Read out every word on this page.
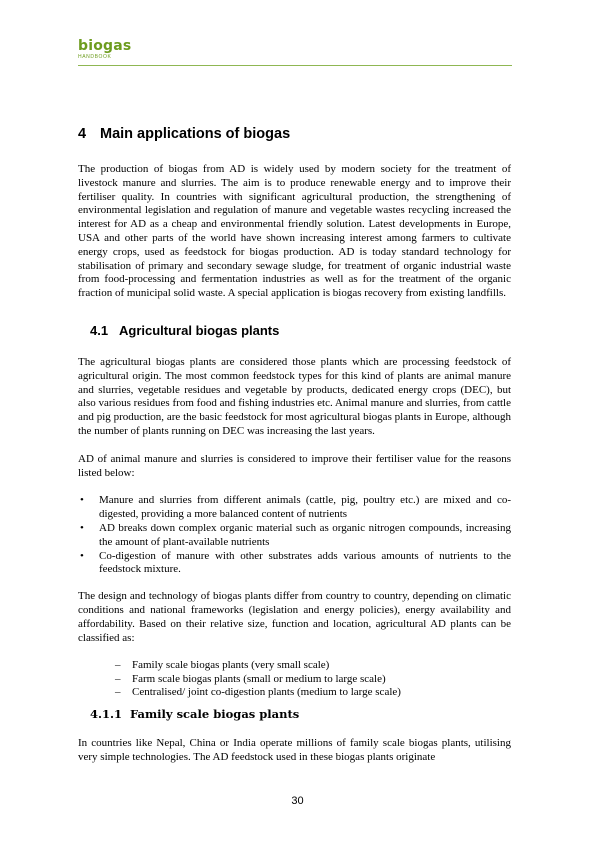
biogas
HANDBOOK
4 Main applications of biogas

The production of biogas from AD is widely used by modern society for the treatment of livestock manure and slurries. The aim is to produce renewable energy and to improve their fertiliser quality. In countries with significant agricultural production, the strengthening of environmental legislation and regulation of manure and vegetable wastes recycling increased the interest for AD as a cheap and environmental friendly solution. Latest developments in Europe, USA and other parts of the world have shown increasing interest among farmers to cultivate energy crops, used as feedstock for biogas production. AD is today standard technology for stabilisation of primary and secondary sewage sludge, for treatment of organic industrial waste from food-processing and fermentation industries as well as for the treatment of the organic fraction of municipal solid waste. A special application is biogas recovery from existing landfills.

4.1 Agricultural biogas plants

The agricultural biogas plants are considered those plants which are processing feedstock of agricultural origin. The most common feedstock types for this kind of plants are animal manure and slurries, vegetable residues and vegetable by products, dedicated energy crops (DEC), but also various residues from food and fishing industries etc. Animal manure and slurries, from cattle and pig production, are the basic feedstock for most agricultural biogas plants in Europe, although the number of plants running on DEC was increasing the last years.

AD of animal manure and slurries is considered to improve their fertiliser value for the reasons listed below:

• Manure and slurries from different animals (cattle, pig, poultry etc.) are mixed and co-digested, providing a more balanced content of nutrients
• AD breaks down complex organic material such as organic nitrogen compounds, increasing the amount of plant-available nutrients
• Co-digestion of manure with other substrates adds various amounts of nutrients to the feedstock mixture.

The design and technology of biogas plants differ from country to country, depending on climatic conditions and national frameworks (legislation and energy policies), energy availability and affordability. Based on their relative size, function and location, agricultural AD plants can be classified as:

– Family scale biogas plants (very small scale)
– Farm scale biogas plants (small or medium to large scale)
– Centralised/ joint co-digestion plants (medium to large scale)
4.1.1 Family scale biogas plants

In countries like Nepal, China or India operate millions of family scale biogas plants, utilising very simple technologies. The AD feedstock used in these biogas plants originate

30
